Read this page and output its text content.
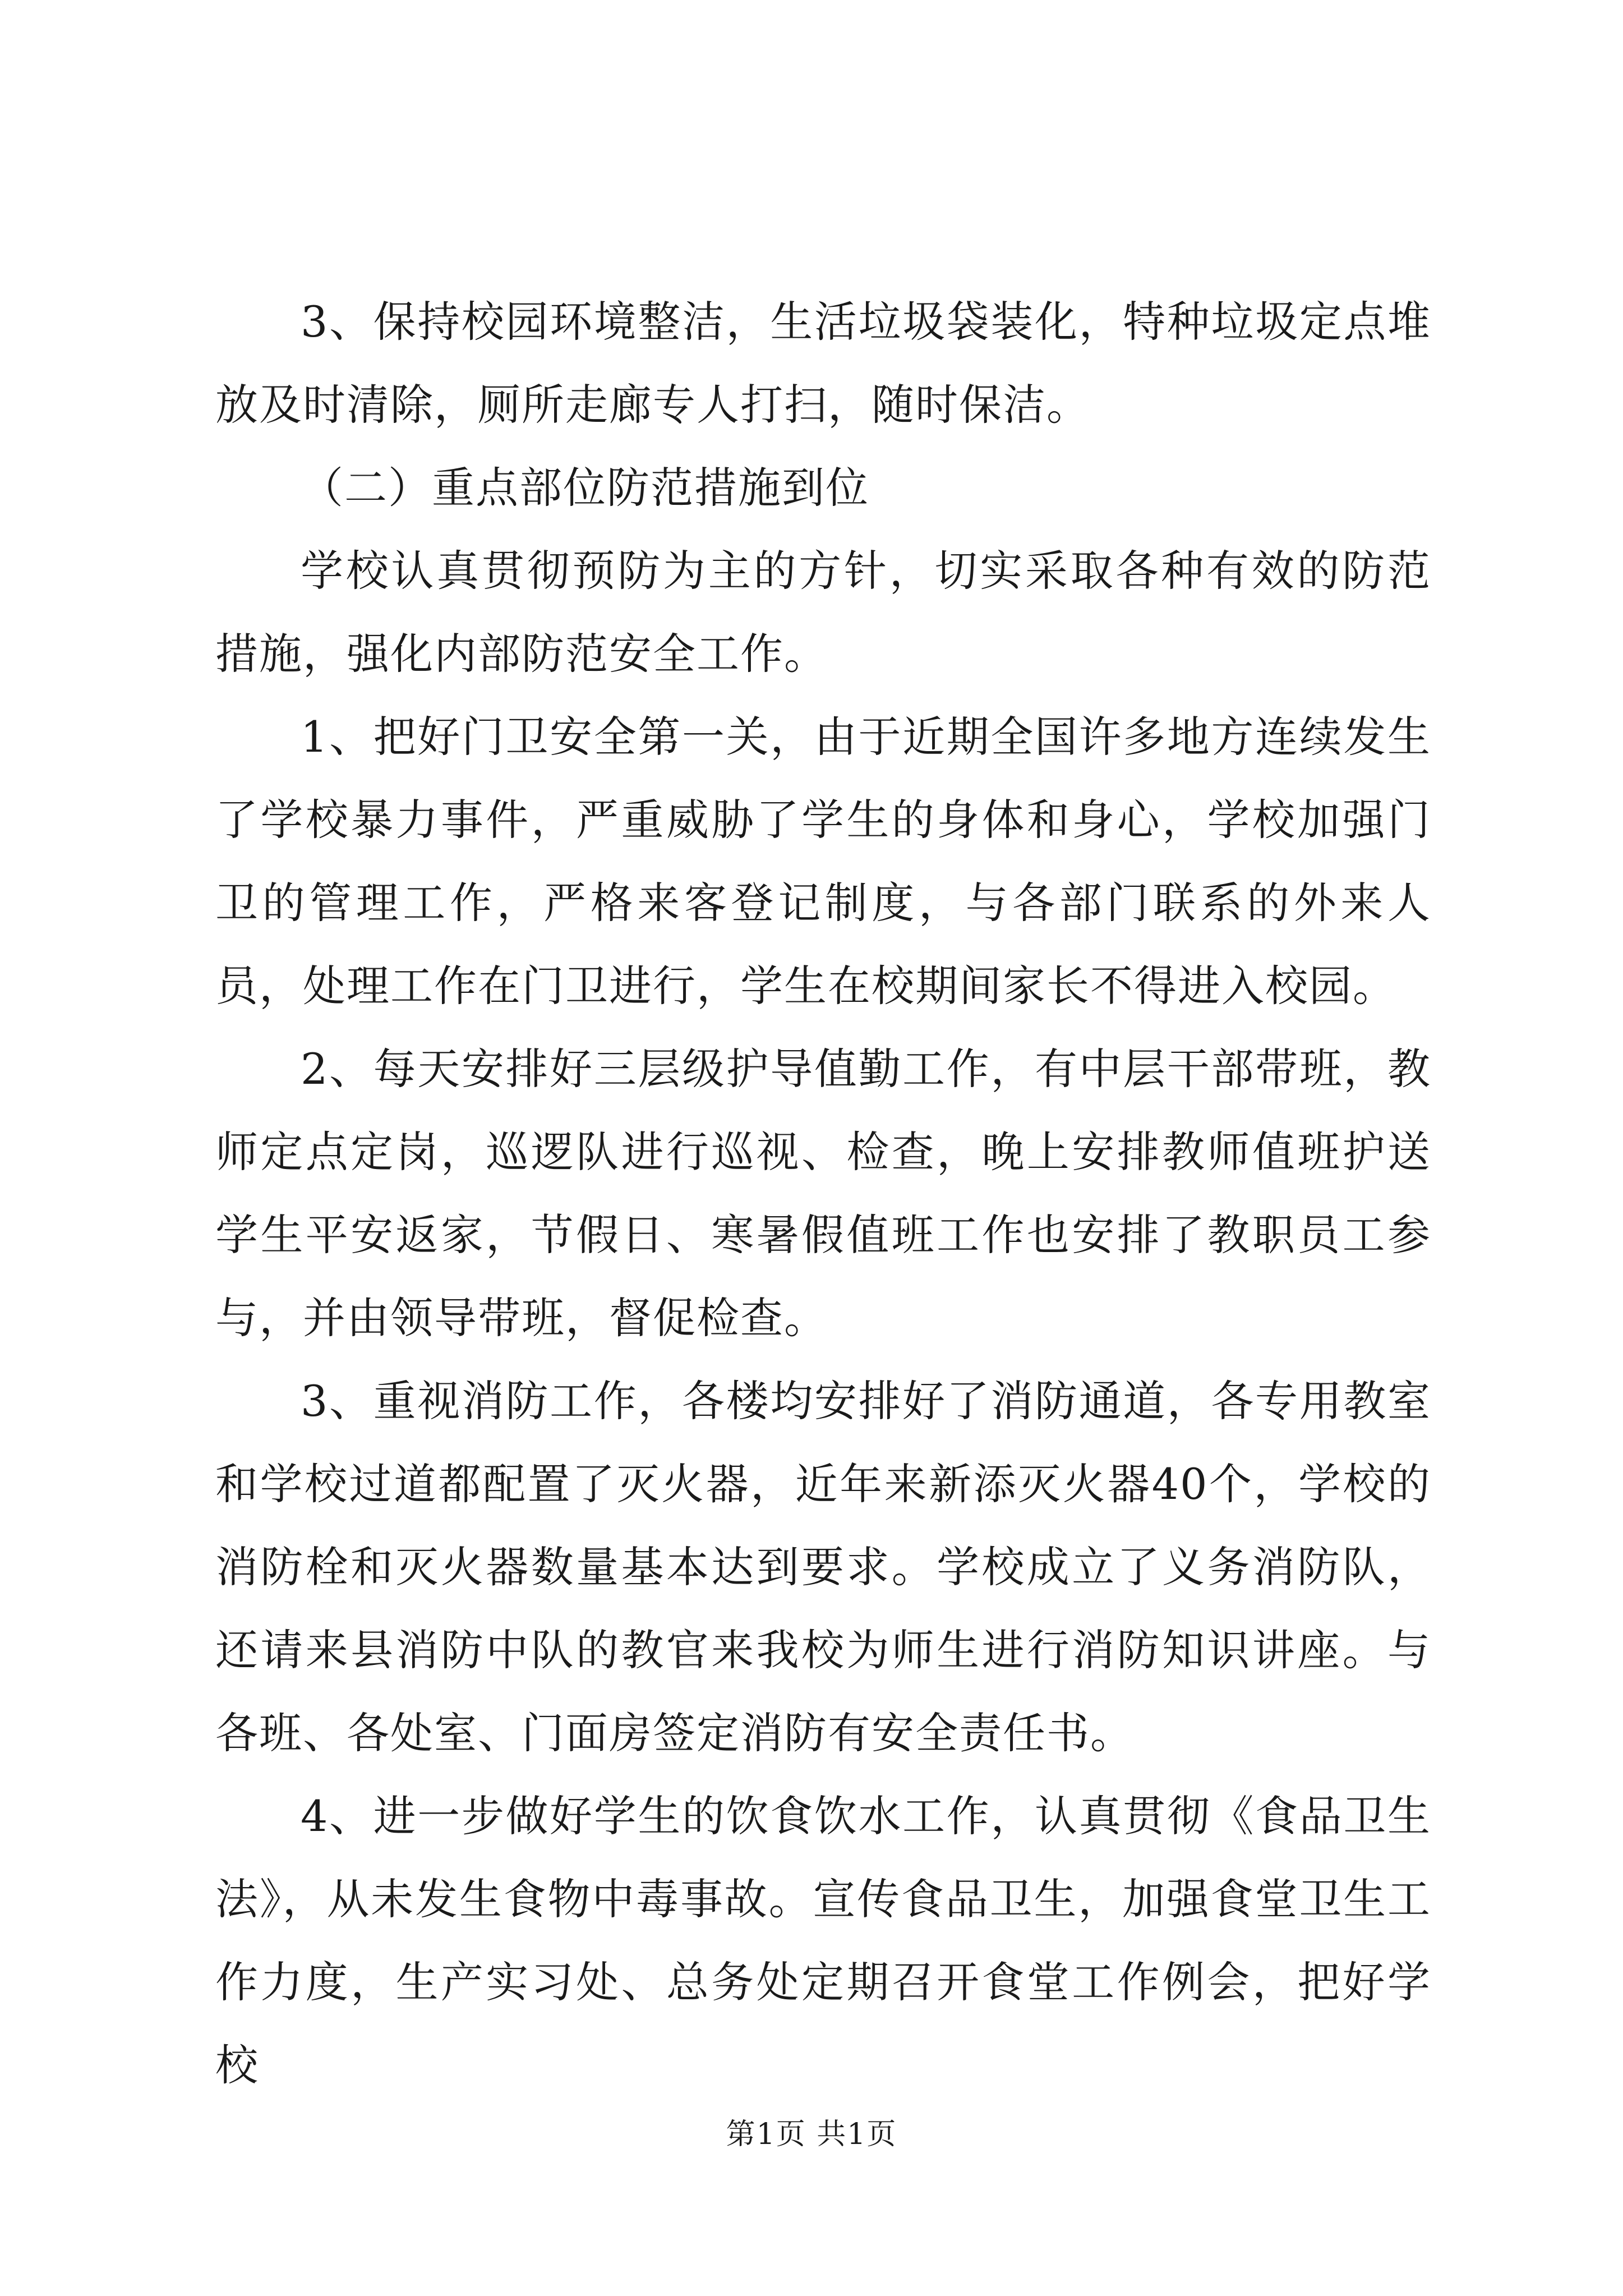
3、保持校园环境整洁，生活垃圾袋装化，特种垃圾定点堆放及时清除，厕所走廊专人打扫，随时保洁。

（二）重点部位防范措施到位

学校认真贯彻预防为主的方针，切实采取各种有效的防范措施，强化内部防范安全工作。

1、把好门卫安全第一关，由于近期全国许多地方连续发生了学校暴力事件，严重威胁了学生的身体和身心，学校加强门卫的管理工作，严格来客登记制度，与各部门联系的外来人员，处理工作在门卫进行，学生在校期间家长不得进入校园。

2、每天安排好三层级护导值勤工作，有中层干部带班，教师定点定岗，巡逻队进行巡视、检查，晚上安排教师值班护送学生平安返家，节假日、寒暑假值班工作也安排了教职员工参与，并由领导带班，督促检查。

3、重视消防工作，各楼均安排好了消防通道，各专用教室和学校过道都配置了灭火器，近年来新添灭火器40个，学校的消防栓和灭火器数量基本达到要求。学校成立了义务消防队，还请来县消防中队的教官来我校为师生进行消防知识讲座。与各班、各处室、门面房签定消防有安全责任书。

4、进一步做好学生的饮食饮水工作，认真贯彻《食品卫生法》，从未发生食物中毒事故。宣传食品卫生，加强食堂卫生工作力度，生产实习处、总务处定期召开食堂工作例会，把好学校

第1页 共1页
